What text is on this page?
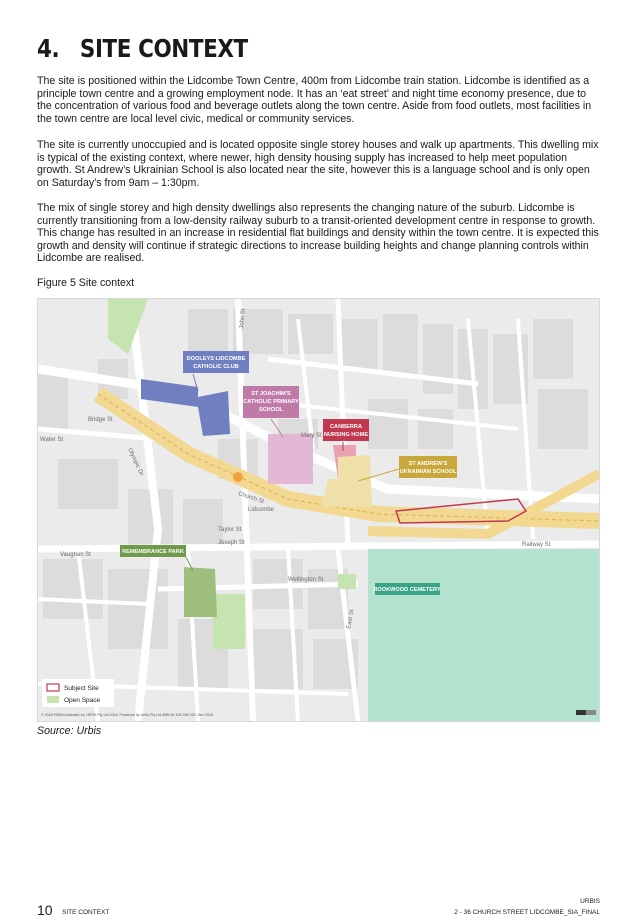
4. SITE CONTEXT

The site is positioned within the Lidcombe Town Centre, 400m from Lidcombe train station. Lidcombe is identified as a principle town centre and a growing employment node. It has an ‘eat street’ and night time economy presence, due to the concentration of various food and beverage outlets along the town centre. Aside from food outlets, most facilities in the town centre are local level civic, medical or community services.

The site is currently unoccupied and is located opposite single storey houses and walk up apartments. This dwelling mix is typical of the existing context, where newer, high density housing supply has increased to help meet population growth. St Andrew’s Ukrainian School is also located near the site, however this is a language school and is only open on Saturday’s from 9am – 1:30pm.

The mix of single storey and high density dwellings also represents the changing nature of the suburb. Lidcombe is currently transitioning from a low-density railway suburb to a transit-oriented development centre in response to growth. This change has resulted in an increase in residential flat buildings and density within the town centre. It is expected this growth and density will continue if strategic directions to increase building heights and change planning controls within Lidcombe are realised.

Figure 5 Site context
Church St
Lidcombe
Railway St
Vaughan St
Bridge St
Mary St
East St
Olympic Dr
Joseph St
John St
Taylor St
Wellington St
Water St
DOOLEYS LIDCOMBE
CATHOLIC CLUB
ST JOACHIM'S
CATHOLIC PRIMARY
SCHOOL
CANBERRA
NURSING HOME
ST ANDREW'S
UKRAINIAN SCHOOL
REMEMBRANCE PARK
ROOKWOOD CEMETERY
Subject Site
Open Space
© 2018 PSMA Australia Ltd, HERE Pty Ltd 2018. Produced by Urbis Pty Ltd ABN 50 105 256 228, Dec 2018
Source: Urbis
URBIS
10 SITE CONTEXT	2 - 36 CHURCH STREET LIDCOMBE_SIA_FINAL
